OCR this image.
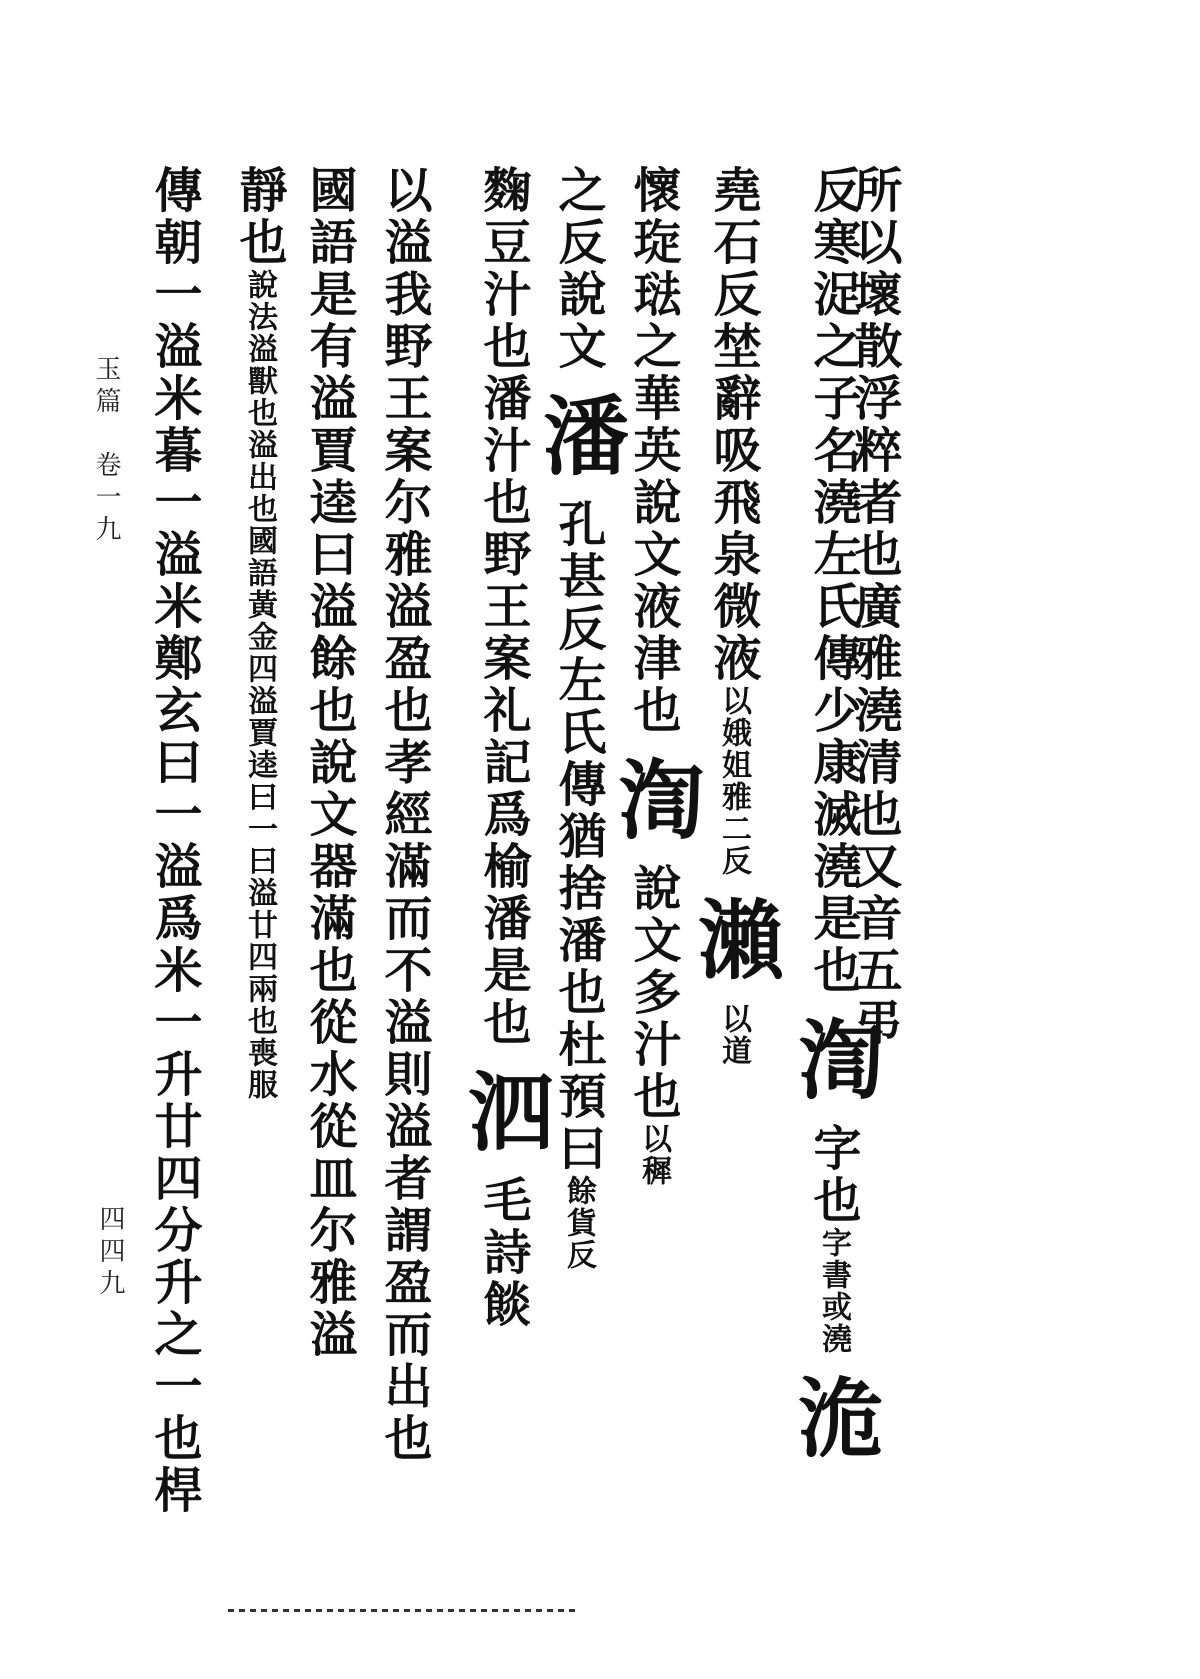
所以壞散浮粹者也廣雅澆清也又音五弔
反寒浞之子名澆左氏傳少康滅澆是也渹字也字書或澆洈
堯石反埜辭吸飛泉微液以娥姐雅二反瀨以道
懷琁琺之華英說文液津也渹說文多汁也以穉
之反說文潘孔甚反左氏傳猶捨潘也杜預曰餘貨反
麴豆汁也潘汁也野王案礼記爲榆潘是也泗毛詩餤
以溢我野王案尔雅溢盈也孝經滿而不溢則溢者謂盈而出也
國語是有溢賈逵曰溢餘也說文器滿也從水從皿尔雅溢
靜也說法溢獸也溢出也國語黃金四溢賈逵曰一曰溢廿四兩也喪服
傳朝一溢米暮一溢米鄭玄曰一溢爲米一升廿四分升之一也桿
玉篇　卷一九
四四九
